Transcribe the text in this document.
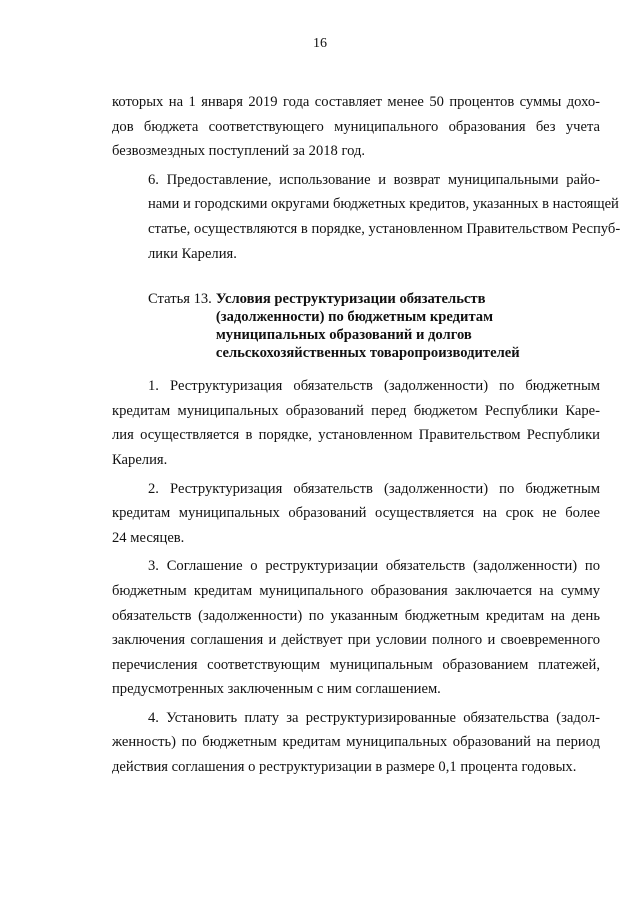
16

которых на 1 января 2019 года составляет менее 50 процентов суммы дохо-
дов бюджета соответствующего муниципального образования без учета
безвозмездных поступлений за 2018 год.

6. Предоставление, использование и возврат муниципальными райо-
нами и городскими округами бюджетных кредитов, указанных в настоящей
статье, осуществляются в порядке, установленном Правительством Респуб-
лики Карелия.

Статья 13. Условия реструктуризации обязательств
(задолженности) по бюджетным кредитам
муниципальных образований и долгов
сельскохозяйственных товаропроизводителей

1. Реструктуризация обязательств (задолженности) по бюджетным
кредитам муниципальных образований перед бюджетом Республики Каре-
лия осуществляется в порядке, установленном Правительством Республики
Карелия.

2. Реструктуризация обязательств (задолженности) по бюджетным
кредитам муниципальных образований осуществляется на срок не более
24 месяцев.

3. Соглашение о реструктуризации обязательств (задолженности) по
бюджетным кредитам муниципального образования заключается на сумму
обязательств (задолженности) по указанным бюджетным кредитам на день
заключения соглашения и действует при условии полного и своевременного
перечисления соответствующим муниципальным образованием платежей,
предусмотренных заключенным с ним соглашением.

4. Установить плату за реструктуризированные обязательства (задол-
женность) по бюджетным кредитам муниципальных образований на период
действия соглашения о реструктуризации в размере 0,1 процента годовых.
